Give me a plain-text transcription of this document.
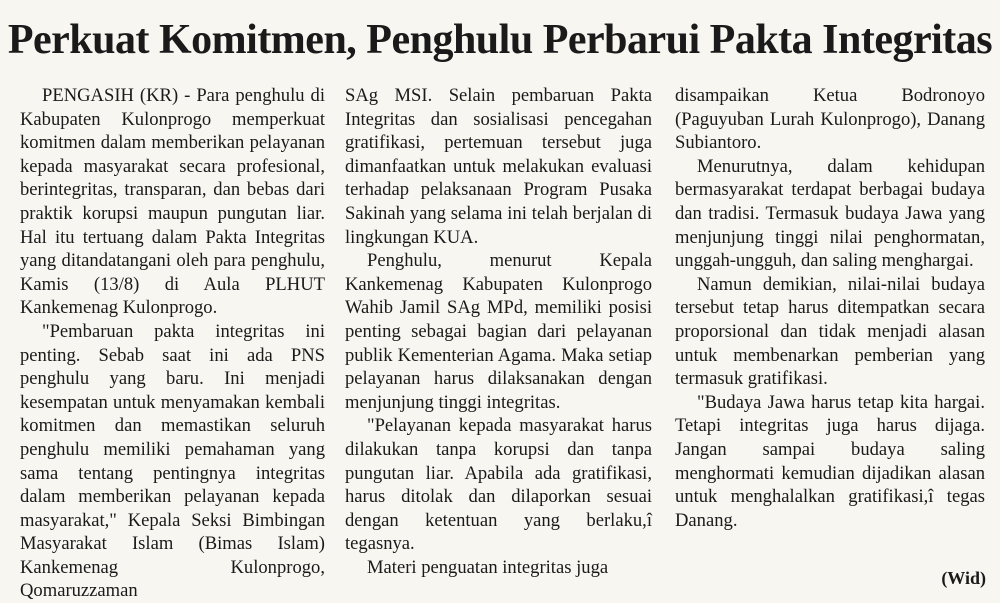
Perkuat Komitmen, Penghulu Perbarui Pakta Integritas

PENGASIH (KR) - Para penghulu di Kabupaten Kulonprogo memperkuat komitmen dalam memberikan pelayanan kepada masyarakat secara profesional, berintegritas, transparan, dan bebas dari praktik korupsi maupun pungutan liar. Hal itu tertuang dalam Pakta Integritas yang ditandatangani oleh para penghulu, Kamis (13/8) di Aula PLHUT Kankemenag Kulonprogo.

"Pembaruan pakta integritas ini penting. Sebab saat ini ada PNS penghulu yang baru. Ini menjadi kesempatan untuk menyamakan kembali komitmen dan memastikan seluruh penghulu memiliki pemahaman yang sama tentang pentingnya integritas dalam memberikan pelayanan kepada masyarakat," Kepala Seksi Bimbingan Masyarakat Islam (Bimas Islam) Kankemenag Kulonprogo, Qomaruzzaman

SAg MSI. Selain pembaruan Pakta Integritas dan sosialisasi pencegahan gratifikasi, pertemuan tersebut juga dimanfaatkan untuk melakukan evaluasi terhadap pelaksanaan Program Pusaka Sakinah yang selama ini telah berjalan di lingkungan KUA.

Penghulu, menurut Kepala Kankemenag Kabupaten Kulonprogo Wahib Jamil SAg MPd, memiliki posisi penting sebagai bagian dari pelayanan publik Kementerian Agama. Maka setiap pelayanan harus dilaksanakan dengan menjunjung tinggi integritas.

"Pelayanan kepada masyarakat harus dilakukan tanpa korupsi dan tanpa pungutan liar. Apabila ada gratifikasi, harus ditolak dan dilaporkan sesuai dengan ketentuan yang berlaku,î tegasnya.

Materi penguatan integritas juga

disampaikan Ketua Bodronoyo (Paguyuban Lurah Kulonprogo), Danang Subiantoro.

Menurutnya, dalam kehidupan bermasyarakat terdapat berbagai budaya dan tradisi. Termasuk budaya Jawa yang menjunjung tinggi nilai penghormatan, unggah-ungguh, dan saling menghargai.

Namun demikian, nilai-nilai budaya tersebut tetap harus ditempatkan secara proporsional dan tidak menjadi alasan untuk membenarkan pemberian yang termasuk gratifikasi.

"Budaya Jawa harus tetap kita hargai. Tetapi integritas juga harus dijaga. Jangan sampai budaya saling menghormati kemudian dijadikan alasan untuk menghalalkan gratifikasi,î tegas Danang.

(Wid)
